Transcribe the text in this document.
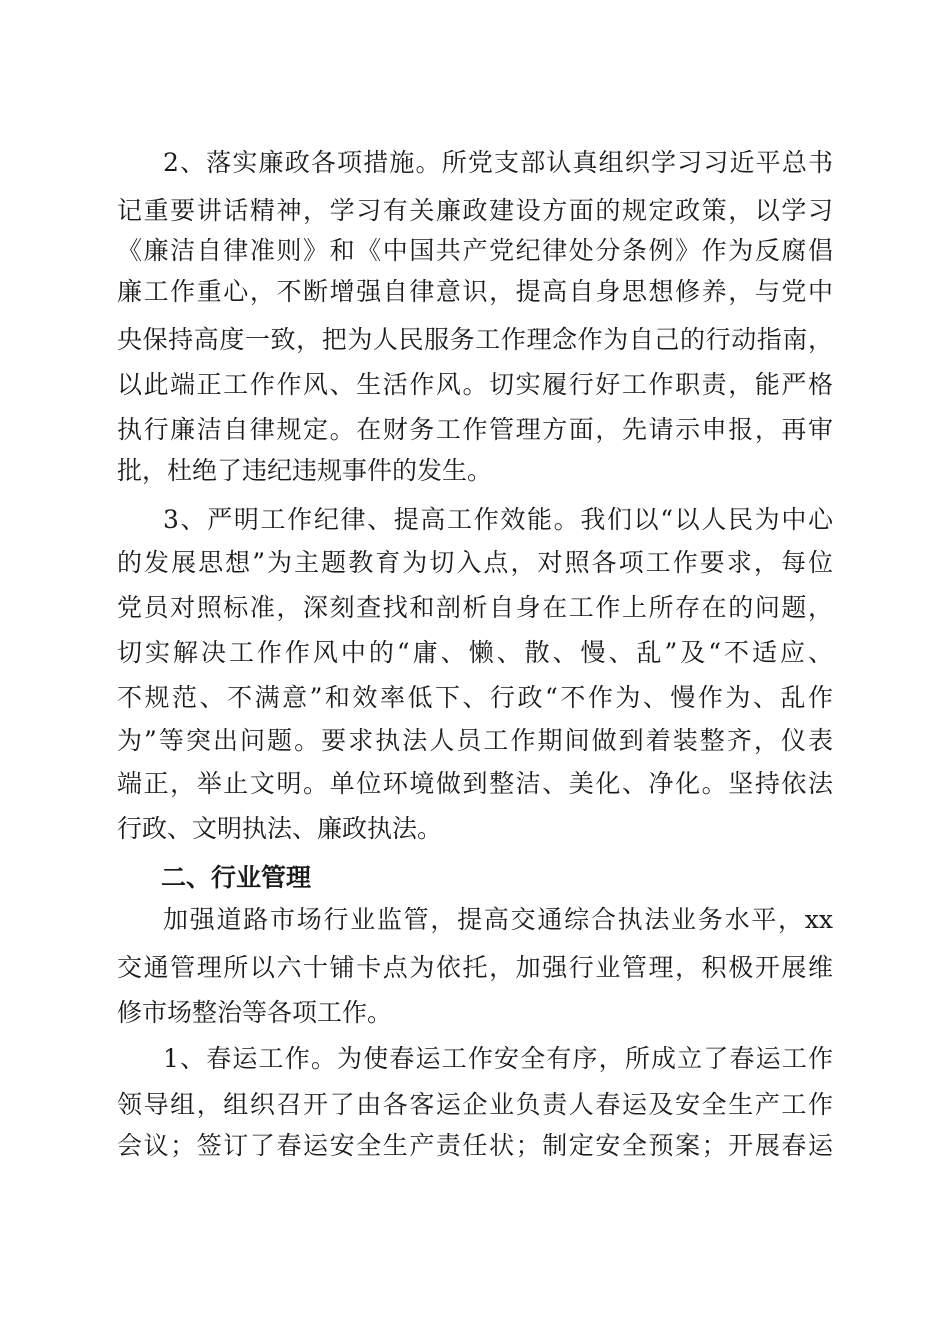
2、落实廉政各项措施。所党支部认真组织学习习近平总书
记重要讲话精神，学习有关廉政建设方面的规定政策，以学习
《廉洁自律准则》和《中国共产党纪律处分条例》作为反腐倡
廉工作重心，不断增强自律意识，提高自身思想修养，与党中
央保持高度一致，把为人民服务工作理念作为自己的行动指南，
以此端正工作作风、生活作风。切实履行好工作职责，能严格
执行廉洁自律规定。在财务工作管理方面，先请示申报，再审
批，杜绝了违纪违规事件的发生。
3、严明工作纪律、提高工作效能。我们以“以人民为中心
的发展思想”为主题教育为切入点，对照各项工作要求，每位
党员对照标准，深刻查找和剖析自身在工作上所存在的问题，
切实解决工作作风中的“庸、懒、散、慢、乱”及“不适应、
不规范、不满意”和效率低下、行政“不作为、慢作为、乱作
为”等突出问题。要求执法人员工作期间做到着装整齐，仪表
端正，举止文明。单位环境做到整洁、美化、净化。坚持依法
行政、文明执法、廉政执法。
二、行业管理
加强道路市场行业监管，提高交通综合执法业务水平，xx
交通管理所以六十铺卡点为依托，加强行业管理，积极开展维
修市场整治等各项工作。
1、春运工作。为使春运工作安全有序，所成立了春运工作
领导组，组织召开了由各客运企业负责人春运及安全生产工作
会议；签订了春运安全生产责任状；制定安全预案；开展春运
